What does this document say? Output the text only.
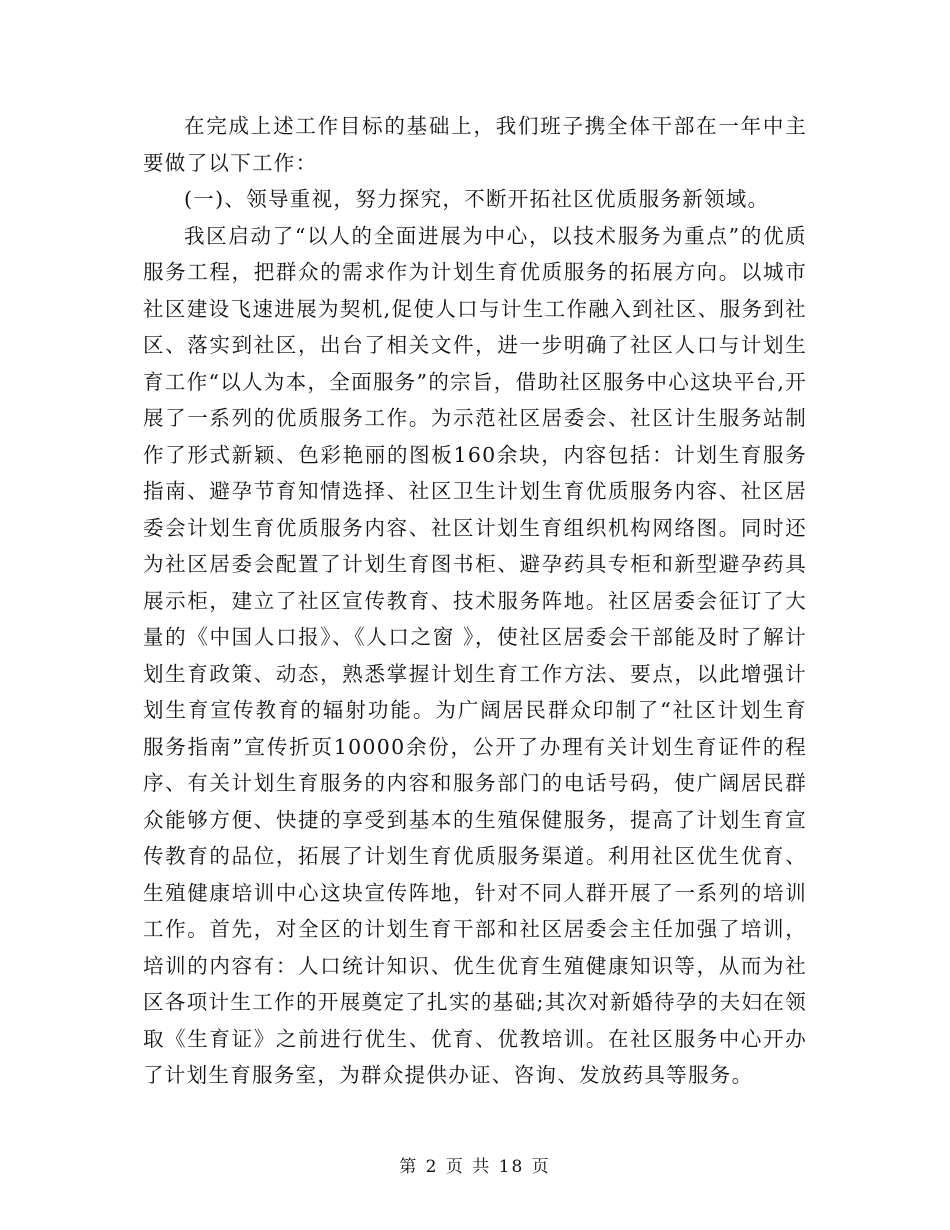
在完成上述工作目标的基础上，我们班子携全体干部在一年中主要做了以下工作：

(一)、领导重视，努力探究，不断开拓社区优质服务新领域。

我区启动了“以人的全面进展为中心，以技术服务为重点”的优质服务工程，把群众的需求作为计划生育优质服务的拓展方向。以城市社区建设飞速进展为契机,促使人口与计生工作融入到社区、服务到社区、落实到社区，出台了相关文件，进一步明确了社区人口与计划生育工作“以人为本，全面服务”的宗旨，借助社区服务中心这块平台,开展了一系列的优质服务工作。为示范社区居委会、社区计生服务站制作了形式新颖、色彩艳丽的图板160余块，内容包括：计划生育服务指南、避孕节育知情选择、社区卫生计划生育优质服务内容、社区居委会计划生育优质服务内容、社区计划生育组织机构网络图。同时还为社区居委会配置了计划生育图书柜、避孕药具专柜和新型避孕药具展示柜，建立了社区宣传教育、技术服务阵地。社区居委会征订了大量的《中国人口报》、《人口之窗 》，使社区居委会干部能及时了解计划生育政策、动态，熟悉掌握计划生育工作方法、要点，以此增强计划生育宣传教育的辐射功能。为广阔居民群众印制了“社区计划生育服务指南”宣传折页10000余份，公开了办理有关计划生育证件的程序、有关计划生育服务的内容和服务部门的电话号码，使广阔居民群众能够方便、快捷的享受到基本的生殖保健服务，提高了计划生育宣传教育的品位，拓展了计划生育优质服务渠道。利用社区优生优育、生殖健康培训中心这块宣传阵地，针对不同人群开展了一系列的培训工作。首先，对全区的计划生育干部和社区居委会主任加强了培训，培训的内容有：人口统计知识、优生优育生殖健康知识等，从而为社区各项计生工作的开展奠定了扎实的基础;其次对新婚待孕的夫妇在领取《生育证》之前进行优生、优育、优教培训。在社区服务中心开办了计划生育服务室，为群众提供办证、咨询、发放药具等服务。

第 2 页 共 18 页
